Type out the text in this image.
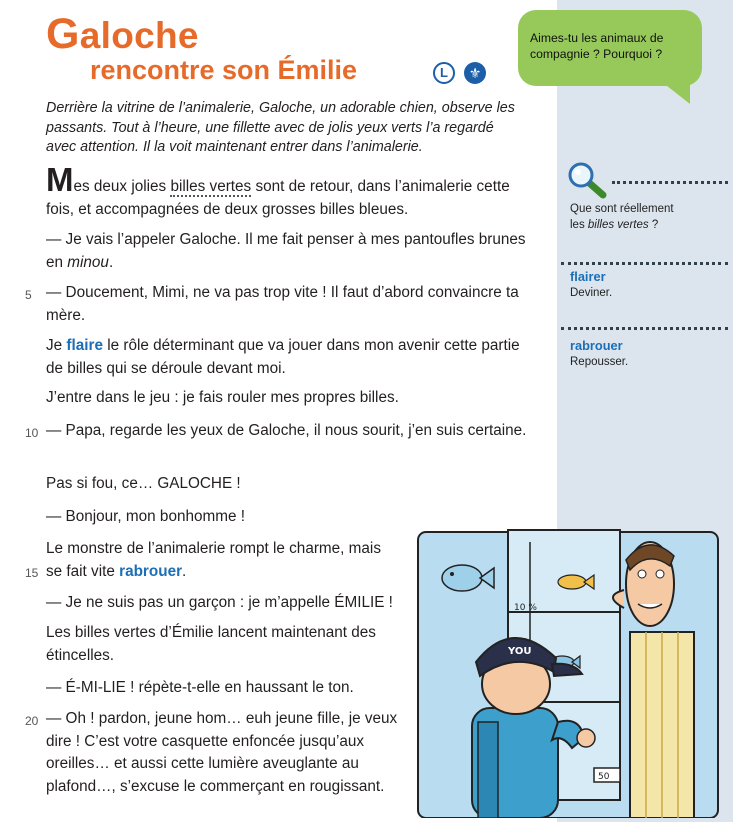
Aimes-tu les animaux de compagnie ? Pourquoi ?
Galoche
rencontre son Émilie	L	⚜
Derrière la vitrine de l’animalerie, Galoche, un adorable chien, observe les passants. Tout à l’heure, une fillette avec de jolis yeux verts l’a regardé avec attention. Il la voit maintenant entrer dans l’animalerie.
Mes deux jolies billes vertes sont de retour, dans l’animalerie cette fois, et accompagnées de deux grosses billes bleues.
— Je vais l’appeler Galoche. Il me fait penser à mes pantoufles brunes en minou.
5 — Doucement, Mimi, ne va pas trop vite ! Il faut d’abord convaincre ta mère.
Je flaire le rôle déterminant que va jouer dans mon avenir cette partie de billes qui se déroule devant moi.
J’entre dans le jeu : je fais rouler mes propres billes.
10 — Papa, regarde les yeux de Galoche, il nous sourit, j’en suis certaine.
Pas si fou, ce… GALOCHE !
— Bonjour, mon bonhomme !
15
Le monstre de l’animalerie rompt le charme, mais se fait vite rabrouer.
— Je ne suis pas un garçon : je m’appelle ÉMILIE !
Les billes vertes d’Émilie lancent maintenant des étincelles.
— É-MI-LIE ! répète-t-elle en haussant le ton.
20 — Oh ! pardon, jeune hom… euh jeune fille, je veux dire ! C’est votre casquette enfoncée jusqu’aux oreilles… et aussi cette lumière aveuglante au plafond…, s’excuse le commerçant en rougissant.
Que sont réellement
les billes vertes ?
flairer
Deviner.
rabrouer
Repousser.
10 %
YOU
50
